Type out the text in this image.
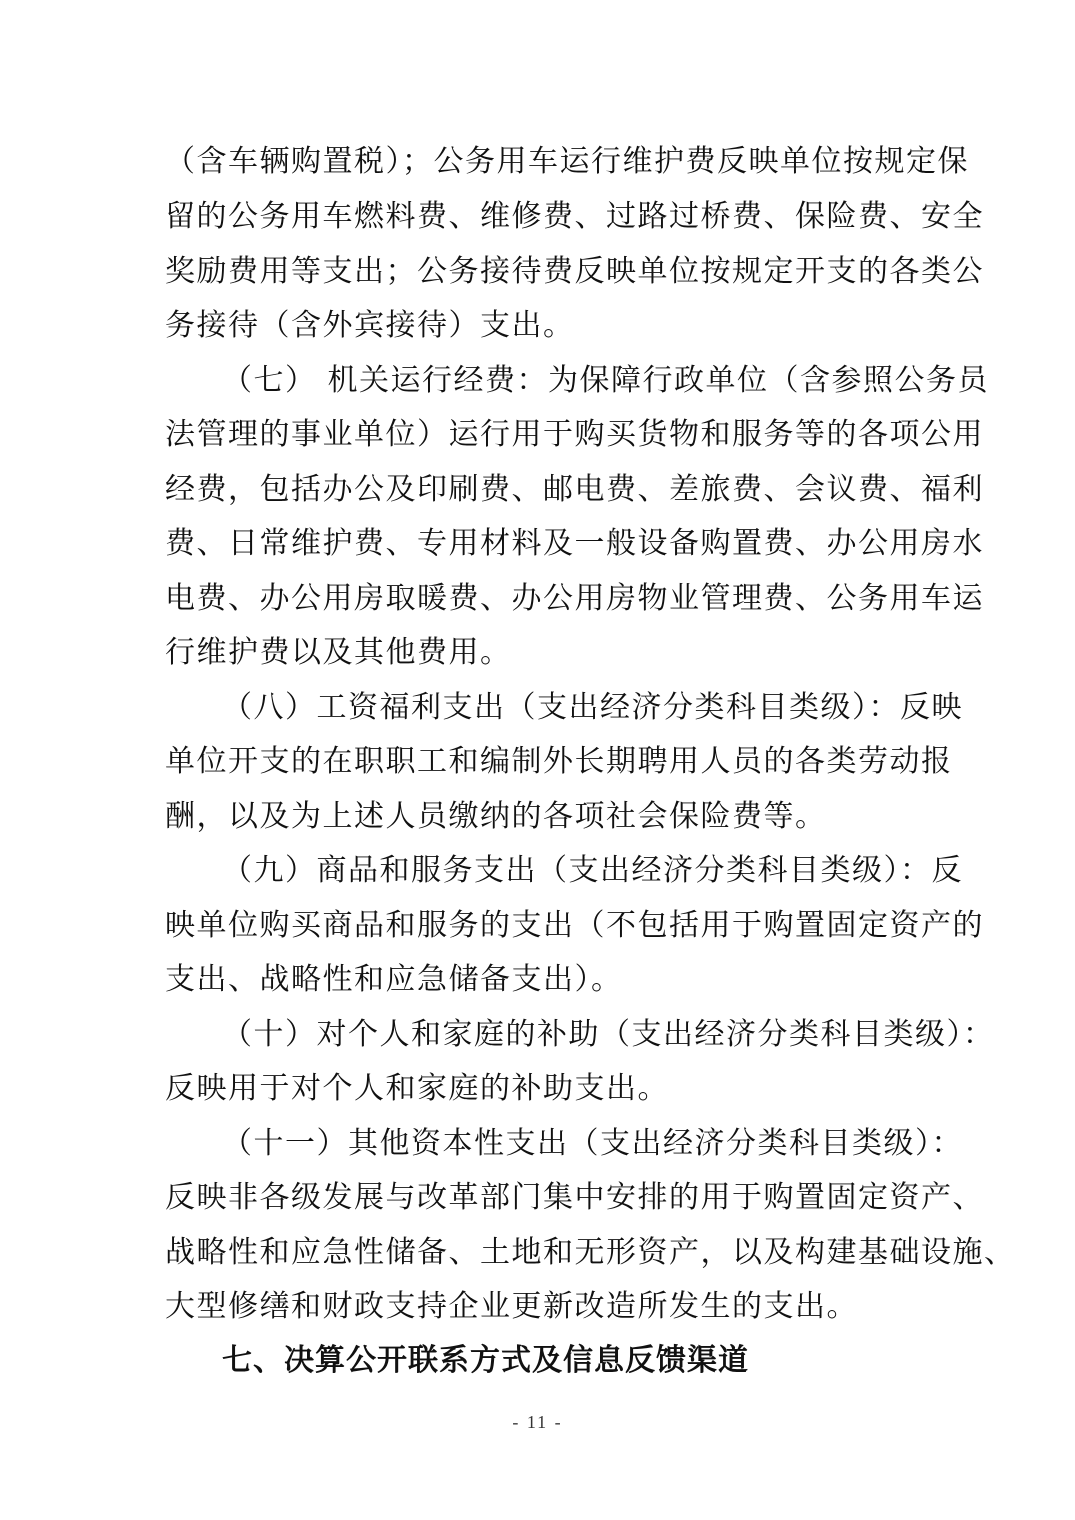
（含车辆购置税）；公务用车运行维护费反映单位按规定保
留的公务用车燃料费、维修费、过路过桥费、保险费、安全
奖励费用等支出；公务接待费反映单位按规定开支的各类公
务接待（含外宾接待）支出。
（七） 机关运行经费：为保障行政单位（含参照公务员
法管理的事业单位）运行用于购买货物和服务等的各项公用
经费，包括办公及印刷费、邮电费、差旅费、会议费、福利
费、日常维护费、专用材料及一般设备购置费、办公用房水
电费、办公用房取暖费、办公用房物业管理费、公务用车运
行维护费以及其他费用。
（八）工资福利支出（支出经济分类科目类级）：反映
单位开支的在职职工和编制外长期聘用人员的各类劳动报
酬，以及为上述人员缴纳的各项社会保险费等。
（九）商品和服务支出（支出经济分类科目类级）：反
映单位购买商品和服务的支出（不包括用于购置固定资产的
支出、战略性和应急储备支出）。
（十）对个人和家庭的补助（支出经济分类科目类级）：
反映用于对个人和家庭的补助支出。
（十一）其他资本性支出（支出经济分类科目类级）：
反映非各级发展与改革部门集中安排的用于购置固定资产、
战略性和应急性储备、土地和无形资产，以及构建基础设施、
大型修缮和财政支持企业更新改造所发生的支出。
七、决算公开联系方式及信息反馈渠道
- 11 -
